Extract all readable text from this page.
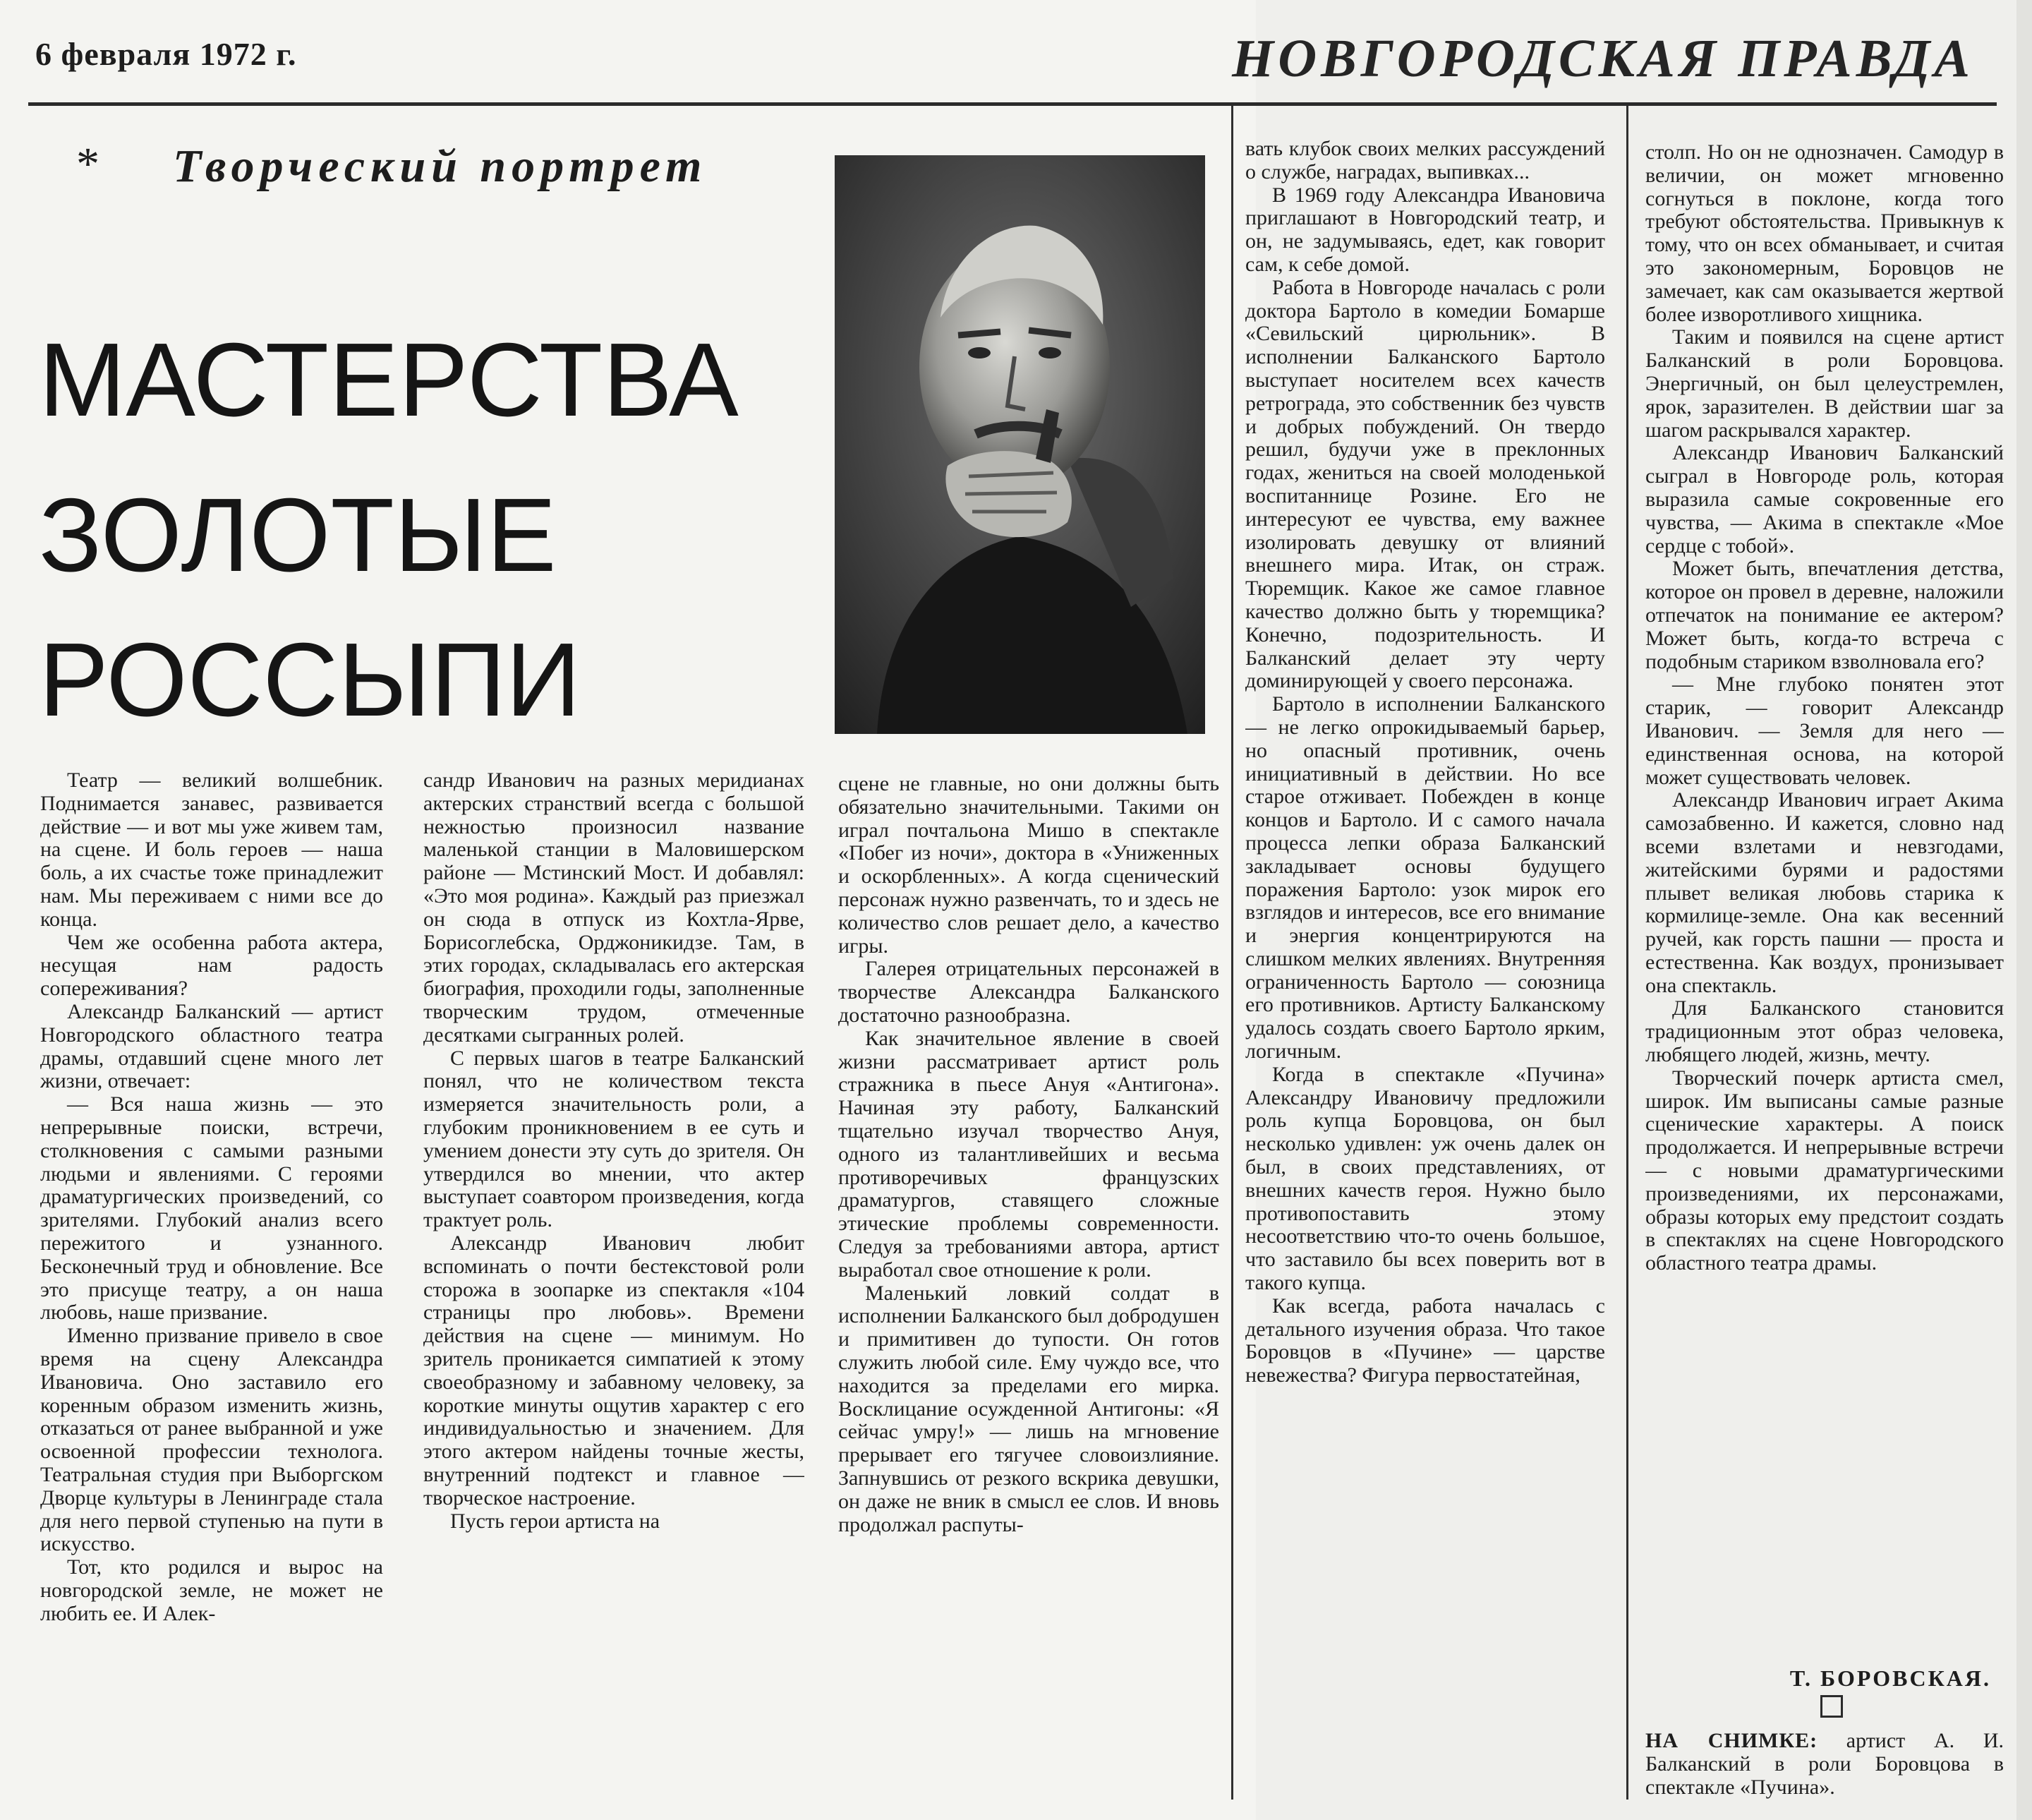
6 февраля 1972 г.	НОВГОРОДСКАЯ ПРАВДА
* Творческий портрет
МАСТЕРСТВА
ЗОЛОТЫЕ
РОССЫПИ

Театр — великий волшебник. Поднимается занавес, развивается действие — и вот мы уже живем там, на сцене. И боль героев — наша боль, а их счастье тоже принадлежит нам. Мы переживаем с ними все до конца.

Чем же особенна работа актера, несущая нам радость сопереживания?

Александр Балканский — артист Новгородского областного театра драмы, отдавший сцене много лет жизни, отвечает:

— Вся наша жизнь — это непрерывные поиски, встречи, столкновения с самыми разными людьми и явлениями. С героями драматургических произведений, со зрителями. Глубокий анализ всего пережитого и узнанного. Бесконечный труд и обновление. Все это присуще театру, а он наша любовь, наше призвание.

Именно призвание привело в свое время на сцену Александра Ивановича. Оно заставило его коренным образом изменить жизнь, отказаться от ранее выбранной и уже освоенной профессии технолога. Театральная студия при Выборгском Дворце культуры в Ленинграде стала для него первой ступенью на пути в искусство.

Тот, кто родился и вырос на новгородской земле, не может не любить ее. И Алек-

сандр Иванович на разных меридианах актерских странствий всегда с большой нежностью произносил название маленькой станции в Маловишерском районе — Мстинский Мост. И добавлял: «Это моя родина». Каждый раз приезжал он сюда в отпуск из Кохтла-Ярве, Борисоглебска, Орджоникидзе. Там, в этих городах, складывалась его актерская биография, проходили годы, заполненные творческим трудом, отмеченные десятками сыгранных ролей.

С первых шагов в театре Балканский понял, что не количеством текста измеряется значительность роли, а глубоким проникновением в ее суть и умением донести эту суть до зрителя. Он утвердился во мнении, что актер выступает соавтором произведения, когда трактует роль.

Александр Иванович любит вспоминать о почти бестекстовой роли сторожа в зоопарке из спектакля «104 страницы про любовь». Времени действия на сцене — минимум. Но зритель проникается симпатией к этому своеобразному и забавному человеку, за короткие минуты ощутив характер с его индивидуальностью и значением. Для этого актером найдены точные жесты, внутренний подтекст и главное — творческое настроение.

Пусть герои артиста на

сцене не главные, но они должны быть обязательно значительными. Такими он играл почтальона Мишо в спектакле «Побег из ночи», доктора в «Униженных и оскорбленных». А когда сценический персонаж нужно развенчать, то и здесь не количество слов решает дело, а качество игры.

Галерея отрицательных персонажей в творчестве Александра Балканского достаточно разнообразна.

Как значительное явление в своей жизни рассматривает артист роль стражника в пьесе Ануя «Антигона». Начиная эту работу, Балканский тщательно изучал творчество Ануя, одного из талантливейших и весьма противоречивых французских драматургов, ставящего сложные этические проблемы современности. Следуя за требованиями автора, артист выработал свое отношение к роли.

Маленький ловкий солдат в исполнении Балканского был добродушен и примитивен до тупости. Он готов служить любой силе. Ему чуждо все, что находится за пределами его мирка. Восклицание осужденной Антигоны: «Я сейчас умру!» — лишь на мгновение прерывает его тягучее словоизлияние. Запнувшись от резкого вскрика девушки, он даже не вник в смысл ее слов. И вновь продолжал распуты-

вать клубок своих мелких рассуждений о службе, наградах, выпивках...

В 1969 году Александра Ивановича приглашают в Новгородский театр, и он, не задумываясь, едет, как говорит сам, к себе домой.

Работа в Новгороде началась с роли доктора Бартоло в комедии Бомарше «Севильский цирюльник». В исполнении Балканского Бартоло выступает носителем всех качеств ретрограда, это собственник без чувств и добрых побуждений. Он твердо решил, будучи уже в преклонных годах, жениться на своей молоденькой воспитаннице Розине. Его не интересуют ее чувства, ему важнее изолировать девушку от влияний внешнего мира. Итак, он страж. Тюремщик. Какое же самое главное качество должно быть у тюремщика? Конечно, подозрительность. И Балканский делает эту черту доминирующей у своего персонажа.

Бартоло в исполнении Балканского — не легко опрокидываемый барьер, но опасный противник, очень инициативный в действии. Но все старое отживает. Побежден в конце концов и Бартоло. И с самого начала процесса лепки образа Балканский закладывает основы будущего поражения Бартоло: узок мирок его взглядов и интересов, все его внимание и энергия концентрируются на слишком мелких явлениях. Внутренняя ограниченность Бартоло — союзница его противников. Артисту Балканскому удалось создать своего Бартоло ярким, логичным.

Когда в спектакле «Пучина» Александру Ивановичу предложили роль купца Боровцова, он был несколько удивлен: уж очень далек он был, в своих представлениях, от внешних качеств героя. Нужно было противопоставить этому несоответствию что-то очень большое, что заставило бы всех поверить вот в такого купца.

Как всегда, работа началась с детального изучения образа. Что такое Боровцов в «Пучине» — царстве невежества? Фигура первостатейная,

столп. Но он не однозначен. Самодур в величии, он может мгновенно согнуться в поклоне, когда того требуют обстоятельства. Привыкнув к тому, что он всех обманывает, и считая это закономерным, Боровцов не замечает, как сам оказывается жертвой более изворотливого хищника.

Таким и появился на сцене артист Балканский в роли Боровцова. Энергичный, он был целеустремлен, ярок, заразителен. В действии шаг за шагом раскрывался характер.

Александр Иванович Балканский сыграл в Новгороде роль, которая выразила самые сокровенные его чувства, — Акима в спектакле «Мое сердце с тобой».

Может быть, впечатления детства, которое он провел в деревне, наложили отпечаток на понимание ее актером? Может быть, когда-то встреча с подобным стариком взволновала его?

— Мне глубоко понятен этот старик, — говорит Александр Иванович. — Земля для него — единственная основа, на которой может существовать человек.

Александр Иванович играет Акима самозабвенно. И кажется, словно над всеми взлетами и невзгодами, житейскими бурями и радостями плывет великая любовь старика к кормилице-земле. Она как весенний ручей, как горсть пашни — проста и естественна. Как воздух, пронизывает она спектакль.

Для Балканского становится традиционным этот образ человека, любящего людей, жизнь, мечту.

Творческий почерк артиста смел, широк. Им выписаны самые разные сценические характеры. А поиск продолжается. И непрерывные встречи — с новыми драматургическими произведениями, их персонажами, образы которых ему предстоит создать в спектаклях на сцене Новгородского областного театра драмы.

Т. БОРОВСКАЯ.
НА СНИМКЕ: артист А. И. Балканский в роли Боровцова в спектакле «Пучина».
